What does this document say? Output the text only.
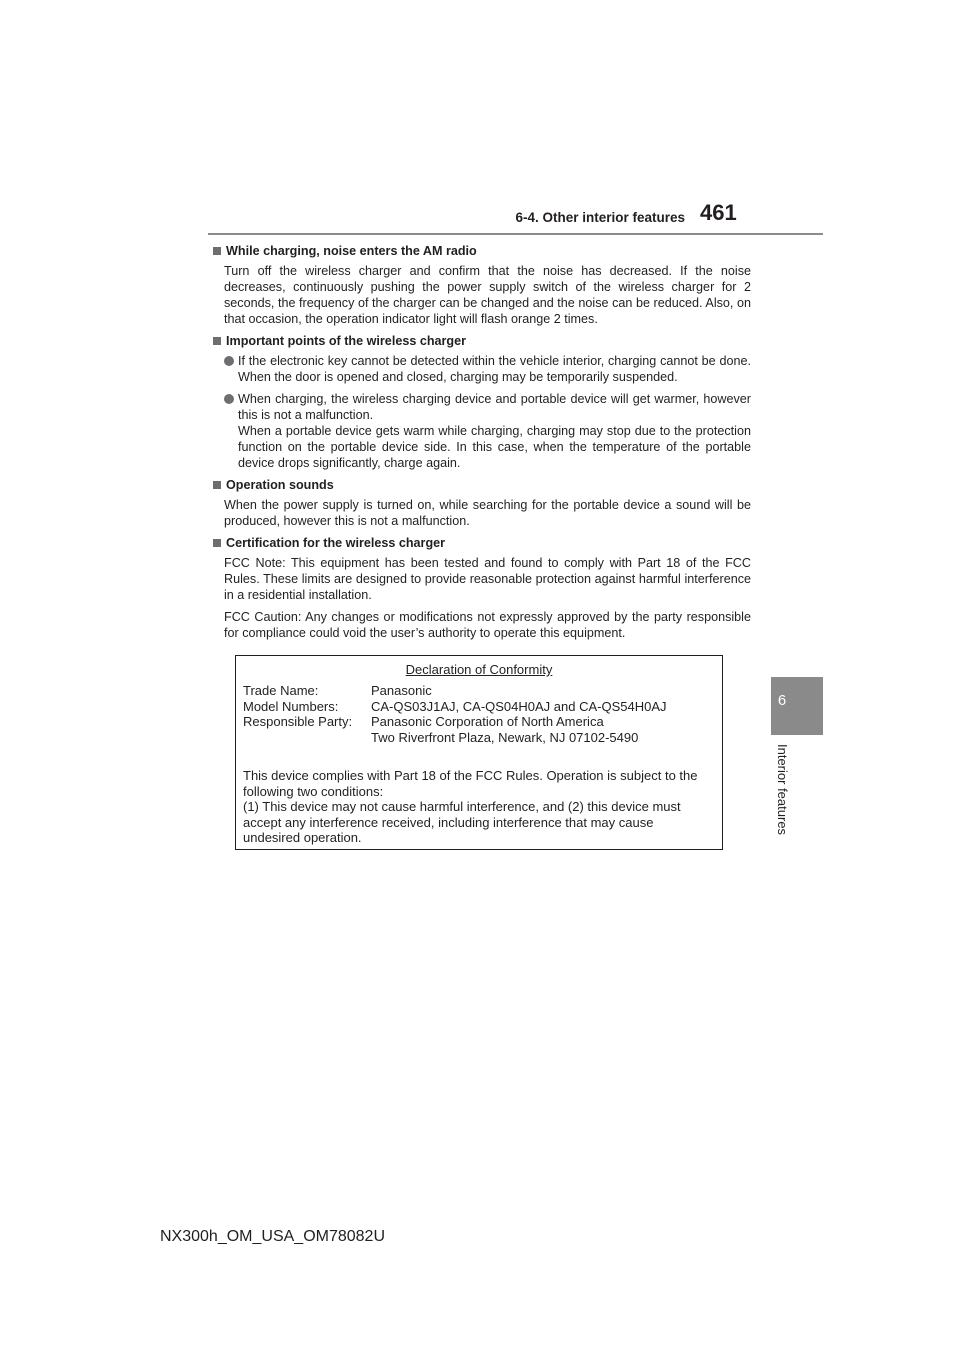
6-4. Other interior features 461
6
Interior features
While charging, noise enters the AM radio

Turn off the wireless charger and confirm that the noise has decreased. If the noise decreases, continuously pushing the power supply switch of the wireless charger for 2 seconds, the frequency of the charger can be changed and the noise can be reduced. Also, on that occasion, the operation indicator light will flash orange 2 times.

Important points of the wireless charger
If the electronic key cannot be detected within the vehicle interior, charging cannot be done. When the door is opened and closed, charging may be temporarily suspended.
When charging, the wireless charging device and portable device will get warmer, however this is not a malfunction.
When a portable device gets warm while charging, charging may stop due to the protection function on the portable device side. In this case, when the temperature of the portable device drops significantly, charge again.
Operation sounds

When the power supply is turned on, while searching for the portable device a sound will be produced, however this is not a malfunction.

Certification for the wireless charger

FCC Note: This equipment has been tested and found to comply with Part 18 of the FCC Rules. These limits are designed to provide reasonable protection against harmful interference in a residential installation.

FCC Caution: Any changes or modifications not expressly approved by the party responsible for compliance could void the user’s authority to operate this equipment.

Declaration of Conformity
Trade Name:	Panasonic
Model Numbers:	CA-QS03J1AJ, CA-QS04H0AJ and CA-QS54H0AJ
Responsible Party: Panasonic Corporation of North America
Two Riverfront Plaza, Newark, NJ 07102-5490
This device complies with Part 18 of the FCC Rules. Operation is subject to the following two conditions:
(1) This device may not cause harmful interference, and (2) this device must accept any interference received, including interference that may cause undesired operation.
NX300h_OM_USA_OM78082U
